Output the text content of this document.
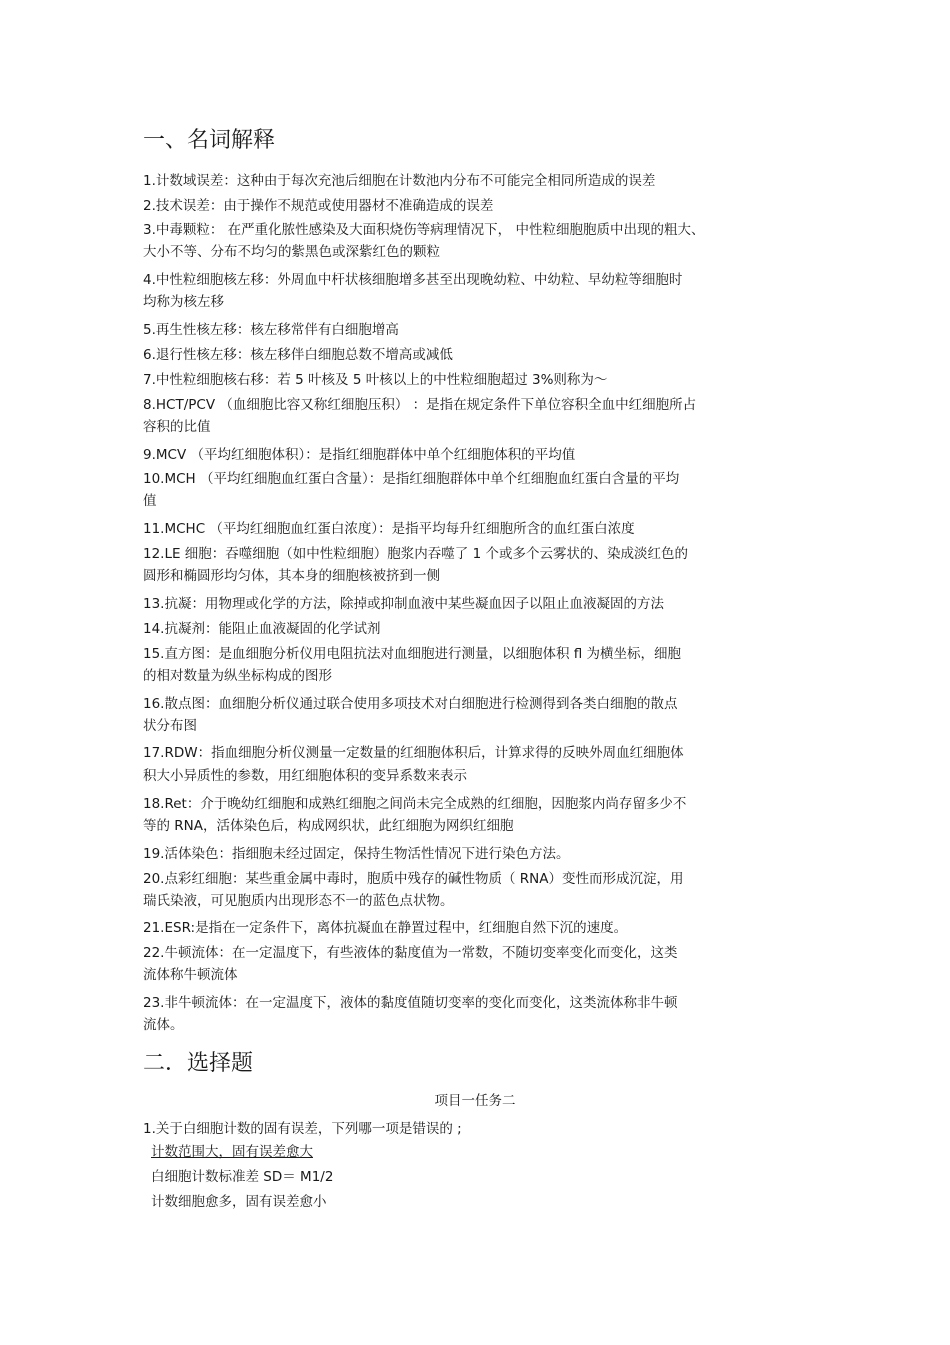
一、名词解释
1.计数域误差：这种由于每次充池后细胞在计数池内分布不可能完全相同所造成的误差
2.技术误差：由于操作不规范或使用器材不准确造成的误差
3.中毒颗粒： 在严重化脓性感染及大面积烧伤等病理情况下， 中性粒细胞胞质中出现的粗大、
大小不等、分布不均匀的紫黑色或深紫红色的颗粒
4.中性粒细胞核左移：外周血中杆状核细胞增多甚至出现晚幼粒、中幼粒、早幼粒等细胞时
均称为核左移
5.再生性核左移：核左移常伴有白细胞增高
6.退行性核左移：核左移伴白细胞总数不增高或减低
7.中性粒细胞核右移：若 5 叶核及 5 叶核以上的中性粒细胞超过 3%则称为～
8.HCT/PCV （血细胞比容又称红细胞压积） ：是指在规定条件下单位容积全血中红细胞所占
容积的比值
9.MCV （平均红细胞体积）：是指红细胞群体中单个红细胞体积的平均值
10.MCH （平均红细胞血红蛋白含量）：是指红细胞群体中单个红细胞血红蛋白含量的平均
值
11.MCHC （平均红细胞血红蛋白浓度）：是指平均每升红细胞所含的血红蛋白浓度
12.LE 细胞：吞噬细胞（如中性粒细胞）胞浆内吞噬了 1 个或多个云雾状的、染成淡红色的
圆形和椭圆形均匀体，其本身的细胞核被挤到一侧
13.抗凝：用物理或化学的方法，除掉或抑制血液中某些凝血因子以阻止血液凝固的方法
14.抗凝剂：能阻止血液凝固的化学试剂
15.直方图：是血细胞分析仪用电阻抗法对血细胞进行测量，以细胞体积 fl 为横坐标，细胞
的相对数量为纵坐标构成的图形
16.散点图：血细胞分析仪通过联合使用多项技术对白细胞进行检测得到各类白细胞的散点
状分布图
17.RDW：指血细胞分析仪测量一定数量的红细胞体积后，计算求得的反映外周血红细胞体
积大小异质性的参数，用红细胞体积的变异系数来表示
18.Ret：介于晚幼红细胞和成熟红细胞之间尚未完全成熟的红细胞，因胞浆内尚存留多少不
等的 RNA，活体染色后，构成网织状，此红细胞为网织红细胞
19.活体染色：指细胞未经过固定，保持生物活性情况下进行染色方法。
20.点彩红细胞：某些重金属中毒时，胞质中残存的碱性物质（ RNA）变性而形成沉淀，用
瑞氏染液，可见胞质内出现形态不一的蓝色点状物。
21.ESR:是指在一定条件下，离体抗凝血在静置过程中，红细胞自然下沉的速度。
22.牛顿流体：在一定温度下，有些液体的黏度值为一常数，不随切变率变化而变化，这类
流体称牛顿流体
23.非牛顿流体：在一定温度下，液体的黏度值随切变率的变化而变化，这类流体称非牛顿
流体。
二．选择题
项目一任务二
1.关于白细胞计数的固有误差，下列哪一项是错误的 ;
计数范围大，固有误差愈大
白细胞计数标准差 SD＝ M1/2
计数细胞愈多，固有误差愈小
